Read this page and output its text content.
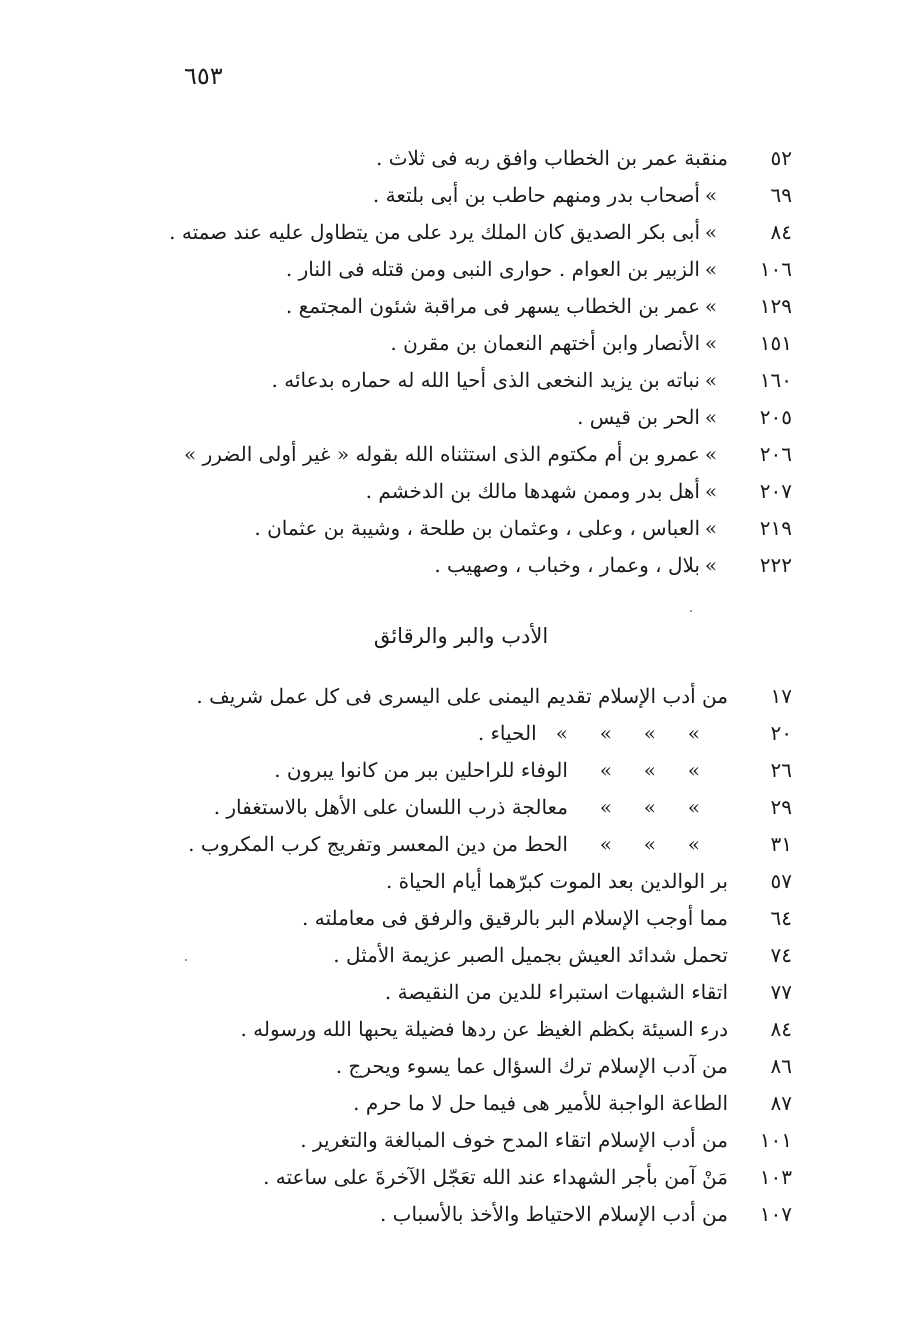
٦٥٣
٥٢
منقبة عمر بن الخطاب وافق ربه فى ثلاث .
٦٩
»
أصحاب بدر ومنهم حاطب بن أبى بلتعة .
٨٤
»
أبى بكر الصديق كان الملك يرد على من يتطاول عليه عند صمته .
١٠٦
»
الزبير بن العوام . حوارى النبى ومن قتله فى النار .
١٢٩
»
عمر بن الخطاب يسهر فى مراقبة شئون المجتمع .
١٥١
»
الأنصار وابن أختهم النعمان بن مقرن .
١٦٠
»
نباته بن يزيد النخعى الذى أحيا الله له حماره بدعائه .
٢٠٥
»
الحر بن قيس .
٢٠٦
»
عمرو بن أم مكتوم الذى استثناه الله بقوله « غير أولى الضرر »
٢٠٧
»
أهل بدر وممن شهدها مالك بن الدخشم .
٢١٩
»
العباس ، وعلى ، وعثمان بن طلحة ، وشيبة بن عثمان .
٢٢٢
»
بلال ، وعمار ، وخباب ، وصهيب .
الأدب والبر والرقائق
١٧
من أدب الإسلام تقديم اليمنى على اليسرى فى كل عمل شريف .
٢٠
»     »     »     »   الحياء .
٢٦
»     »     »     الوفاء للراحلين ببر من كانوا يبرون .
٢٩
»     »     »     معالجة ذرب اللسان على الأهل بالاستغفار .
٣١
»     »     »     الحط من دين المعسر وتفريج كرب المكروب .
٥٧
بر الوالدين بعد الموت كبرّهما أيام الحياة .
٦٤
مما أوجب الإسلام البر بالرقيق والرفق فى معاملته .
٧٤
تحمل شدائد العيش بجميل الصبر عزيمة الأمثل .
٧٧
اتقاء الشبهات استبراء للدين من النقيصة .
٨٤
درء السيئة بكظم الغيظ عن ردها فضيلة يحبها الله ورسوله .
٨٦
من آدب الإسلام ترك السؤال عما يسوء ويحرج .
٨٧
الطاعة الواجبة للأمير هى فيما حل لا ما حرم .
١٠١
من أدب الإسلام اتقاء المدح خوف المبالغة والتغرير .
١٠٣
مَنْ آمن بأجر الشهداء عند الله تعَجّل الآخرةَ على ساعته .
١٠٧
من أدب الإسلام الاحتياط والأخذ بالأسباب .
